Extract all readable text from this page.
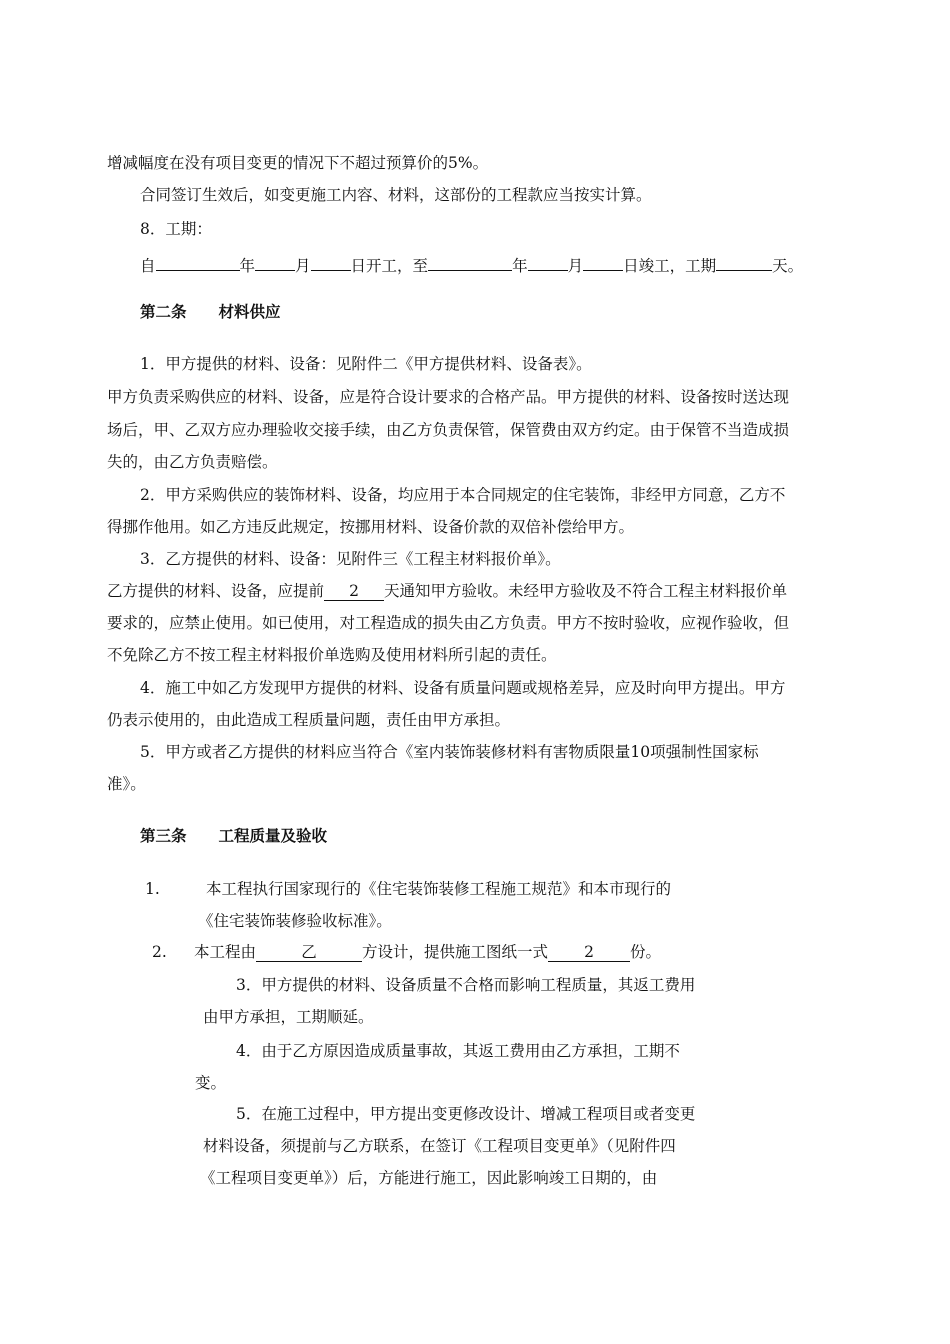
增减幅度在没有项目变更的情况下不超过预算价的5%。
合同签订生效后，如变更施工内容、材料，这部份的工程款应当按实计算。
8．工期：
自	年	月	日开工，至	年	月	日竣工，工期	天。
第二条 材料供应
1．甲方提供的材料、设备：见附件二《甲方提供材料、设备表》。
甲方负责采购供应的材料、设备，应是符合设计要求的合格产品。甲方提供的材料、设备按时送达现
场后，甲、乙双方应办理验收交接手续，由乙方负责保管，保管费由双方约定。由于保管不当造成损
失的，由乙方负责赔偿。
2．甲方采购供应的装饰材料、设备，均应用于本合同规定的住宅装饰，非经甲方同意，乙方不
得挪作他用。如乙方违反此规定，按挪用材料、设备价款的双倍补偿给甲方。
3．乙方提供的材料、设备：见附件三《工程主材料报价单》。
乙方提供的材料、设备，应提前 2 天通知甲方验收。未经甲方验收及不符合工程主材料报价单
要求的，应禁止使用。如已使用，对工程造成的损失由乙方负责。甲方不按时验收，应视作验收，但
不免除乙方不按工程主材料报价单选购及使用材料所引起的责任。
4．施工中如乙方发现甲方提供的材料、设备有质量问题或规格差异，应及时向甲方提出。甲方
仍表示使用的，由此造成工程质量问题，责任由甲方承担。
5．甲方或者乙方提供的材料应当符合《室内装饰装修材料有害物质限量10项强制性国家标
准》。
第三条 工程质量及验收
1.	本工程执行国家现行的《住宅装饰装修工程施工规范》和本市现行的
《住宅装饰装修验收标准》。
2. 本工程由	乙	方设计，提供施工图纸一式 2 份。
3．甲方提供的材料、设备质量不合格而影响工程质量，其返工费用
由甲方承担，工期顺延。
4．由于乙方原因造成质量事故，其返工费用由乙方承担，工期不
变。
5．在施工过程中，甲方提出变更修改设计、增减工程项目或者变更
材料设备，须提前与乙方联系，在签订《工程项目变更单》（见附件四
《工程项目变更单》）后，方能进行施工，因此影响竣工日期的，由
